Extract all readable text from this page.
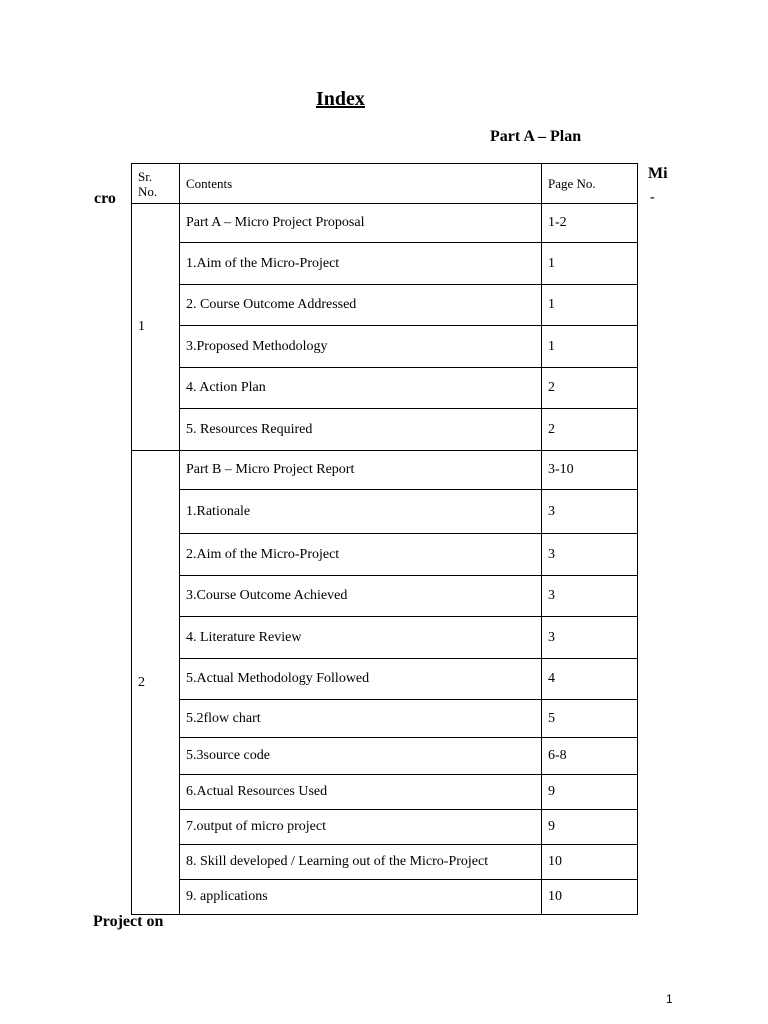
Index
Part A – Plan
Mi
-
cro
Sr. No.	Contents	Page No.
1	Part A – Micro Project Proposal	1-2
	1.Aim of the Micro-Project	1
	2. Course Outcome Addressed	1
	3.Proposed Methodology	1
	4. Action Plan	2
	5. Resources Required	2
2	Part B – Micro Project Report	3-10
	1.Rationale	3
	2.Aim of the Micro-Project	3
	3.Course Outcome Achieved	3
	4. Literature Review	3
	5.Actual Methodology Followed	4
	5.2flow chart	5
	5.3source code	6-8
	6.Actual Resources Used	9
	7.output of micro project	9
	8. Skill developed / Learning out of the Micro-Project	10
	9. applications	10
Project on
1
